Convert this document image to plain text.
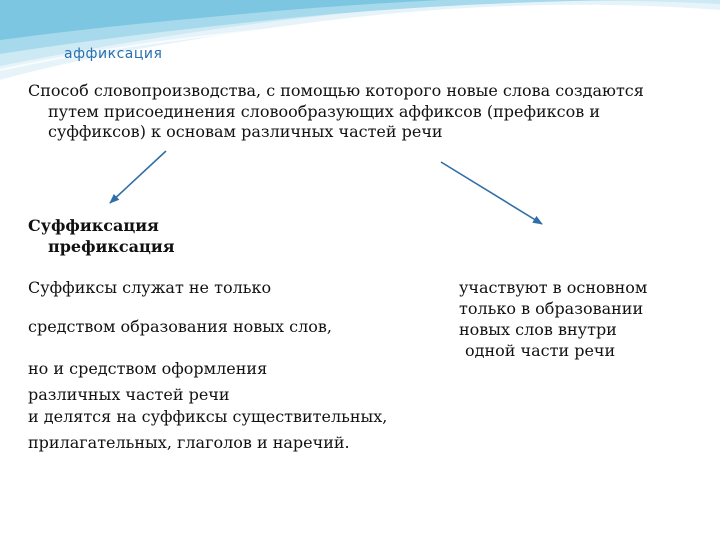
аффиксация
Способ словопроизводства, с помощью которого новые слова создаются
путем присоединения словообразующих аффиксов (префиксов и
суффиксов) к основам различных частей речи
Суффиксация
префиксация
Суффиксы служат не только
средством образования новых слов,
но и средством оформления
различных частей речи
и делятся на суффиксы существительных,
прилагательных, глаголов и наречий.
участвуют в основном
только в образовании
новых слов внутри
одной части речи
